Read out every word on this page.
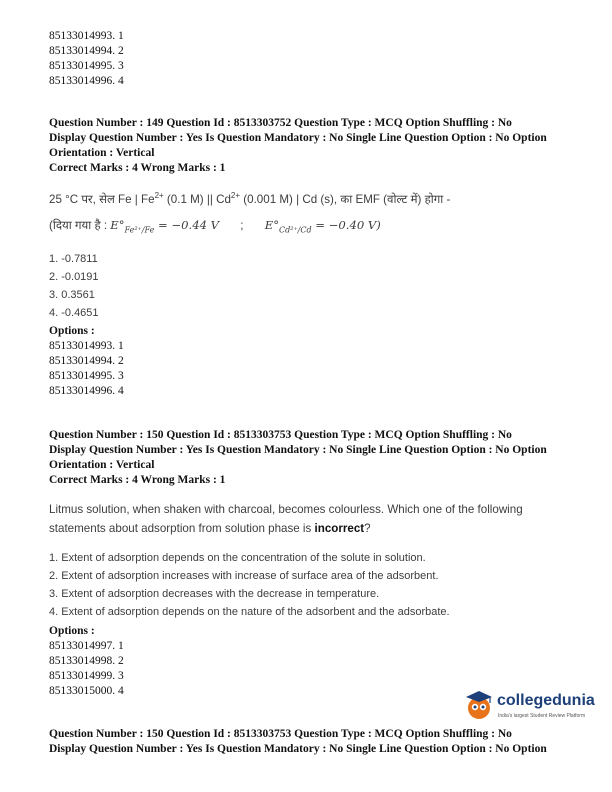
85133014993. 1
85133014994. 2
85133014995. 3
85133014996. 4
Question Number : 149 Question Id : 8513303752 Question Type : MCQ Option Shuffling : No
Display Question Number : Yes Is Question Mandatory : No Single Line Question Option : No Option
Orientation : Vertical
Correct Marks : 4 Wrong Marks : 1
25 °C पर, सेल Fe | $Fe^{2+}$ (0.1 M) || $Cd^{2+}$ (0.001 M) | Cd (s), का EMF (वोल्ट में) होगा -
(दिया गया है : $E^\circ_{Fe^{2+}/Fe} = -0.44$ V ; $E^\circ_{Cd^{2+}/Cd} = -0.40$ V)
1. -0.7811
2. -0.0191
3. 0.3561
4. -0.4651
Options :
85133014993. 1
85133014994. 2
85133014995. 3
85133014996. 4
Question Number : 150 Question Id : 8513303753 Question Type : MCQ Option Shuffling : No
Display Question Number : Yes Is Question Mandatory : No Single Line Question Option : No Option
Orientation : Vertical
Correct Marks : 4 Wrong Marks : 1
Litmus solution, when shaken with charcoal, becomes colourless. Which one of the following
statements about adsorption from solution phase is incorrect?
1. Extent of adsorption depends on the concentration of the solute in solution.
2. Extent of adsorption increases with increase of surface area of the adsorbent.
3. Extent of adsorption decreases with the decrease in temperature.
4. Extent of adsorption depends on the nature of the adsorbent and the adsorbate.
Options :
85133014997. 1
85133014998. 2
85133014999. 3
85133015000. 4
Question Number : 150 Question Id : 8513303753 Question Type : MCQ Option Shuffling : No
Display Question Number : Yes Is Question Mandatory : No Single Line Question Option : No Option
collegedunia
India's largest Student Review Platform
